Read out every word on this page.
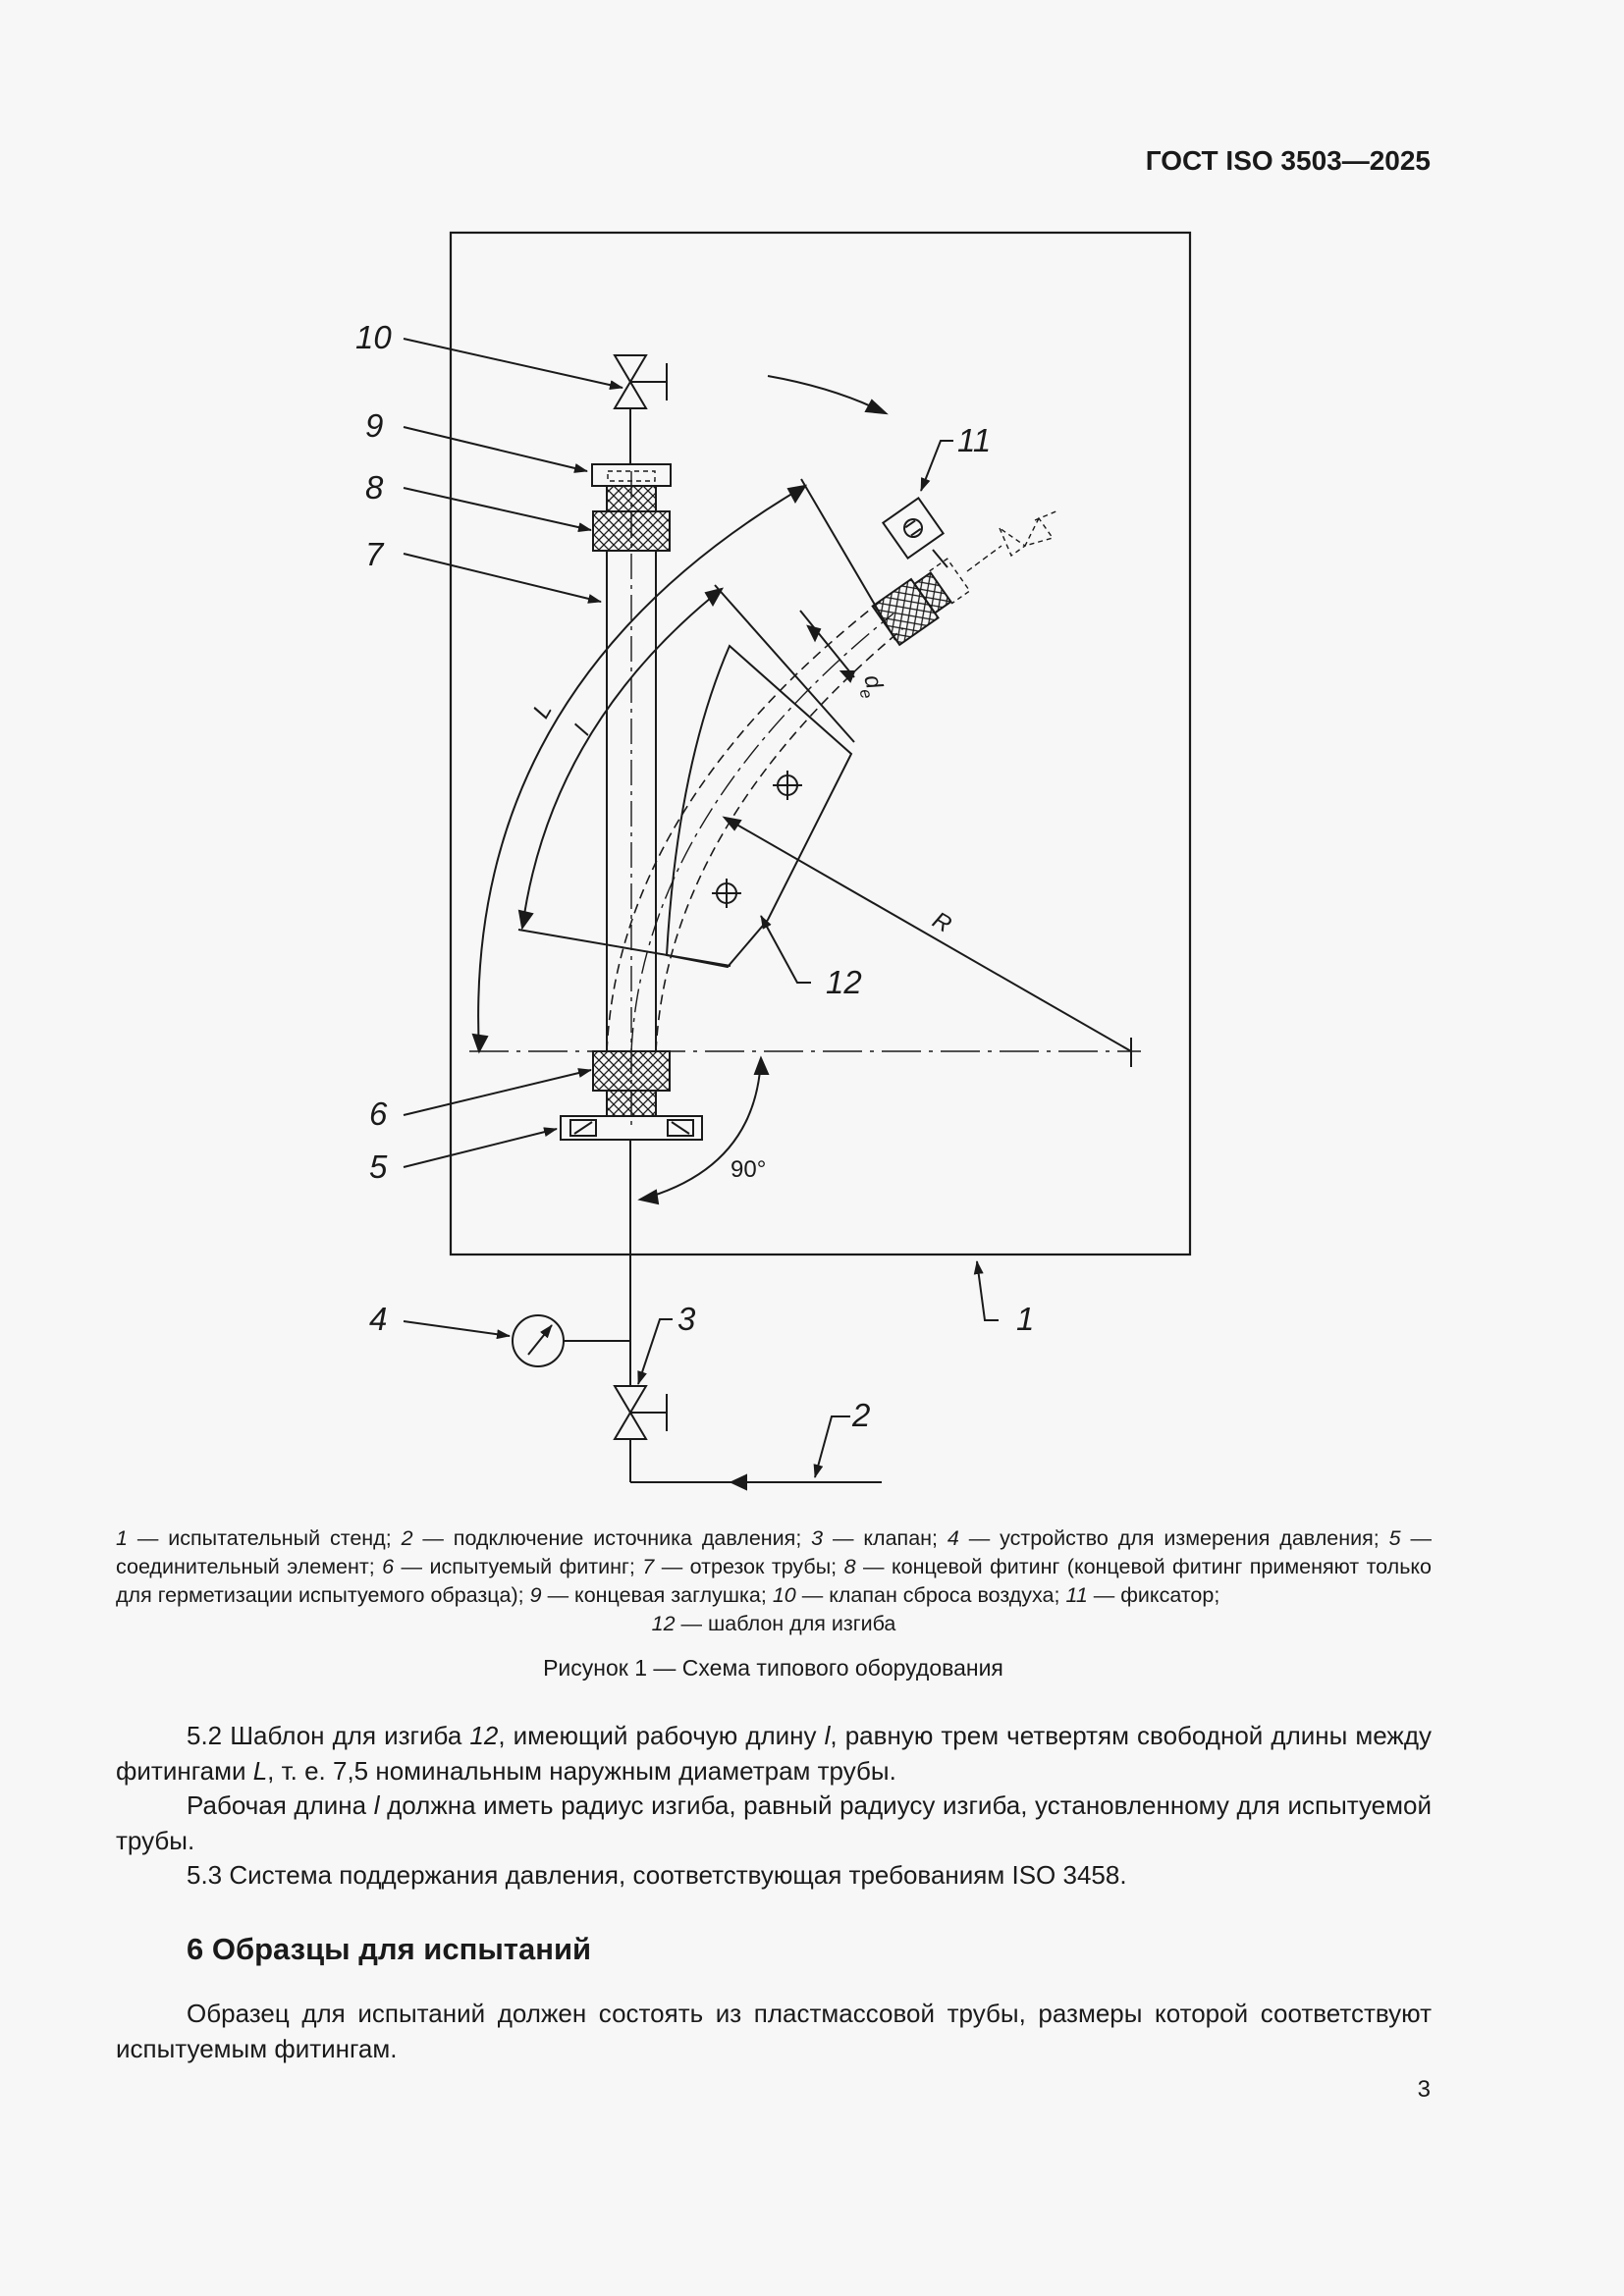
ГОСТ ISO 3503—2025
10
9
8
7
6
5
4	3
2
1
11
12
L
l
R
d
e
90°
1 — испытательный стенд; 2 — подключение источника давления; 3 — клапан; 4 — устройство для измерения давления; 5 — соединительный элемент; 6 — испытуемый фитинг; 7 — отрезок трубы; 8 — концевой фитинг (концевой фитинг применяют только для герметизации испытуемого образца); 9 — концевая заглушка; 10 — клапан сброса воздуха; 11 — фиксатор;
12 — шаблон для изгиба
Рисунок 1 — Схема типового оборудования
5.2 Шаблон для изгиба 12, имеющий рабочую длину l, равную трем четвертям свободной длины между фитингами L, т. е. 7,5 номинальным наружным диаметрам трубы.
Рабочая длина l должна иметь радиус изгиба, равный радиусу изгиба, установленному для испытуемой трубы.
5.3 Система поддержания давления, соответствующая требованиям ISO 3458.
6 Образцы для испытаний
Образец для испытаний должен состоять из пластмассовой трубы, размеры которой соответствуют испытуемым фитингам.
3
